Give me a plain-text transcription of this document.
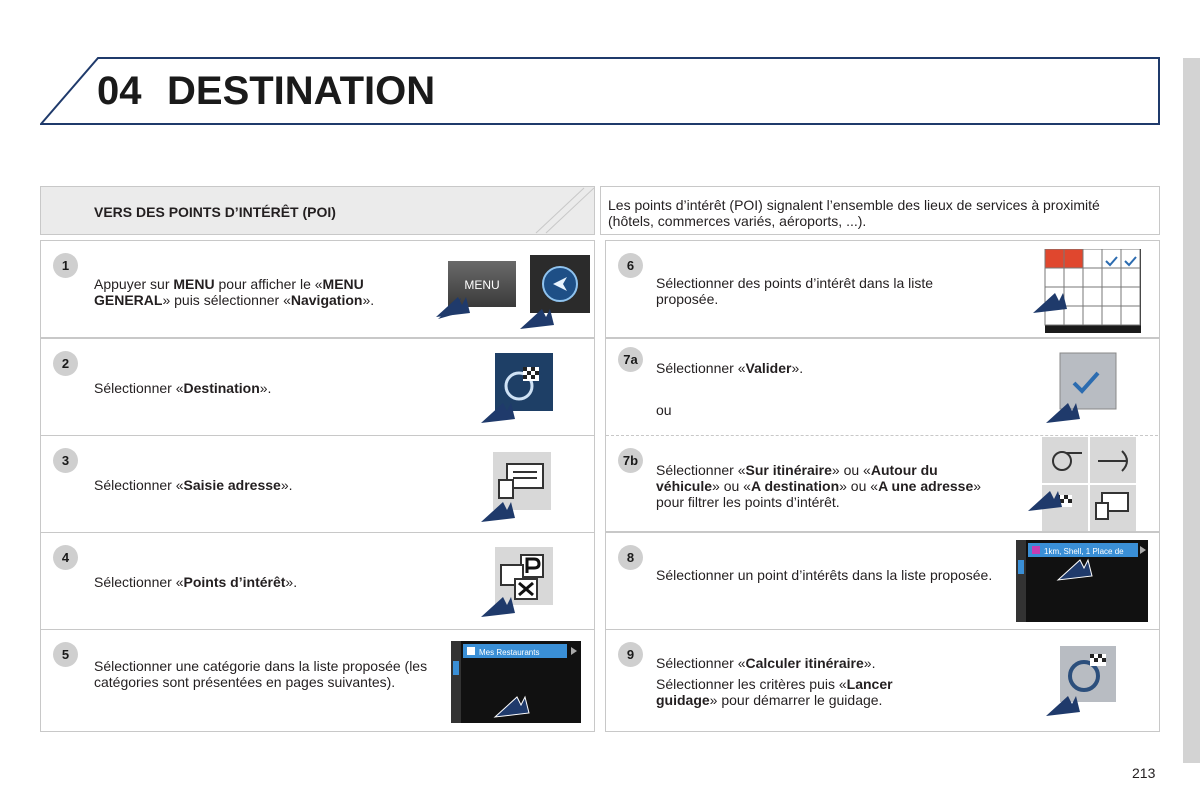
04 DESTINATION
VERS DES POINTS D’INTÉRÊT (POI)	Les points d’intérêt (POI) signalent l’ensemble des lieux de services à proximité (hôtels, commerces variés, aéroports, ...).
1
Appuyer sur MENU pour afficher le «MENU GENERAL» puis sélectionner «Navigation».
MENU
2
Sélectionner «Destination».
3
Sélectionner «Saisie adresse».
4
Sélectionner «Points d’intérêt».
5
Sélectionner une catégorie dans la liste proposée (les catégories sont présentées en pages suivantes).
Mes Restaurants
6
Sélectionner des points d’intérêt dans la liste proposée.
7a
Sélectionner «Valider».
ou
7b
Sélectionner «Sur itinéraire» ou «Autour du véhicule» ou «A destination» ou «A une adresse» pour filtrer les points d’intérêt.
8
Sélectionner un point d’intérêts dans la liste proposée.
1km, Shell, 1 Place de
9
Sélectionner «Calculer itinéraire».
Sélectionner les critères puis «Lancer guidage» pour démarrer le guidage.
213
